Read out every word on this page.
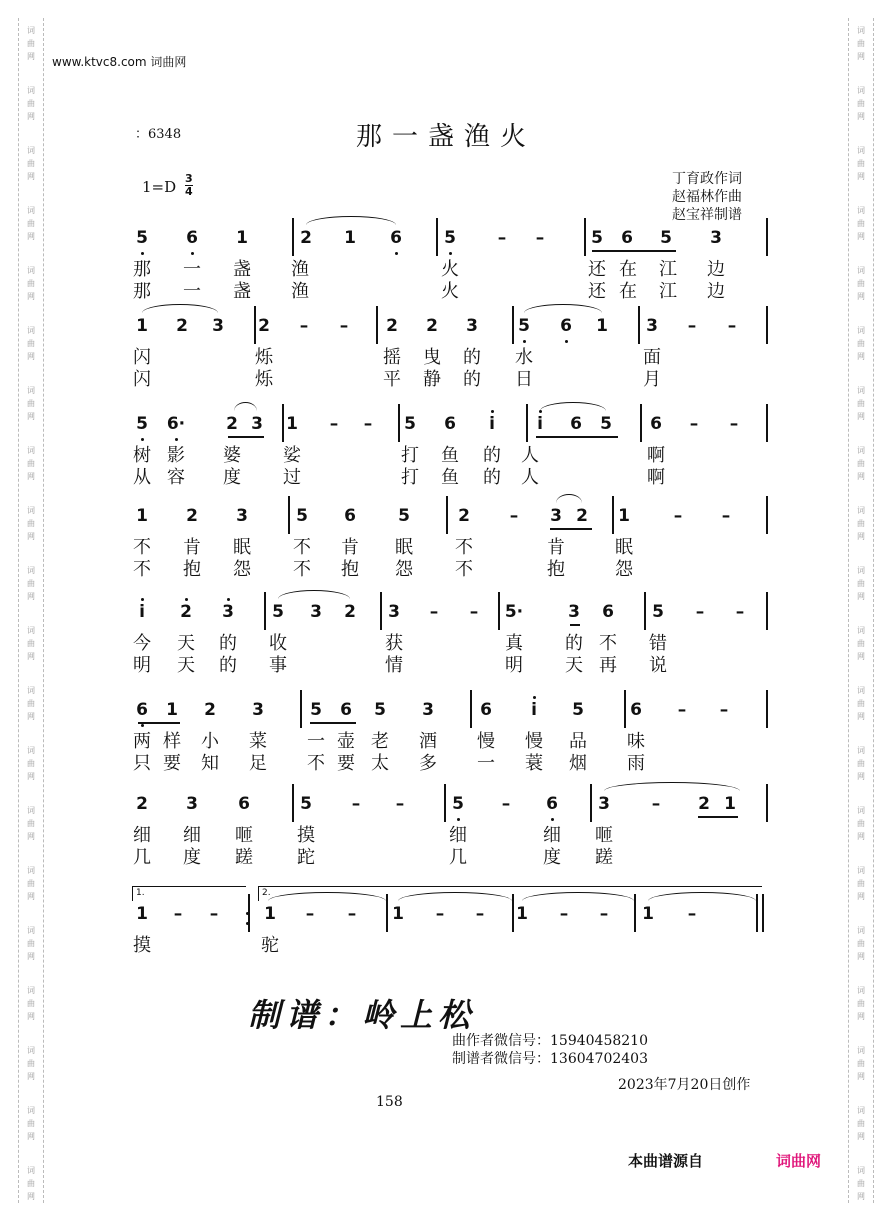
词
曲
网
词
曲
网
词
曲
网
词
曲
网
词
曲
网
词
曲
网
词
曲
网
词
曲
网
词
曲
网
词
曲
网
词
曲
网
词
曲
网
词
曲
网
词
曲
网
词
曲
网
词
曲
网
词
曲
网
词
曲
网
词
曲
网
词
曲
网
词
曲
网
词
曲
网
词
曲
网
词
曲
网
词
曲
网
词
曲
网
词
曲
网
词
曲
网
词
曲
网
词
曲
网
词
曲
网
词
曲
网
词
曲
网
词
曲
网
词
曲
网
词
曲
网
词
曲
网
词
曲
网
词
曲
网
词
曲
网
www.ktvc8.com 词曲网
：6348	那一盏渔火
$1=D \frac{3}{4}$	丁育政作词
赵福林作曲
赵宝祥制谱
5	6	1	2	1	6	5	–	–	5	6	5	3
那	一	盏	渔	火	还 在	江	边
那	一	盏	渔	火	还 在	江	边
1	2	3	2	–	–	2	2	3	5	6	1	3	–	–
闪	烁	摇	曳	的	水	面
闪	烁	平	静	的	日	月
5	6·	2 3	1	–	–	5	6	i	i	6	5	6	–	–
树 影	婆	娑	打	鱼	的	人	啊
从 容	度	过	打	鱼	的	人	啊
1	2	3	5	6	5	2	–	3 2	1	–	–
不	肯	眠	不	肯	眠	不	肯	眠
不	抱	怨	不	抱	怨	不	抱	怨
i	2	3	5	3	2	3	–	–	5·	3	6	5	–	–
今	天	的	收	获	真	的 不	错
明	天	的	事	情	明	天 再	说
6	1	2	3	5	6	5	3	6	i	5	6	–	–
两 样	小	菜	一 壶 老	酒	慢	慢	品	味
只 要	知	足	不 要 太	多	一	蓑	烟	雨
2	3	6	5	–	–	5	–	6	3	–	2 1
细	细	咂	摸	细	细	咂
几	度	蹉	跎	几	度	蹉
1	–	–	1	–	–	1	–	–	1	–	–	1	–
摸	驼
1.	2.
制谱：岭上松
曲作者微信号：15940458210
制谱者微信号：13604702403
2023年7月20日创作
158
本曲谱源自	词曲网
